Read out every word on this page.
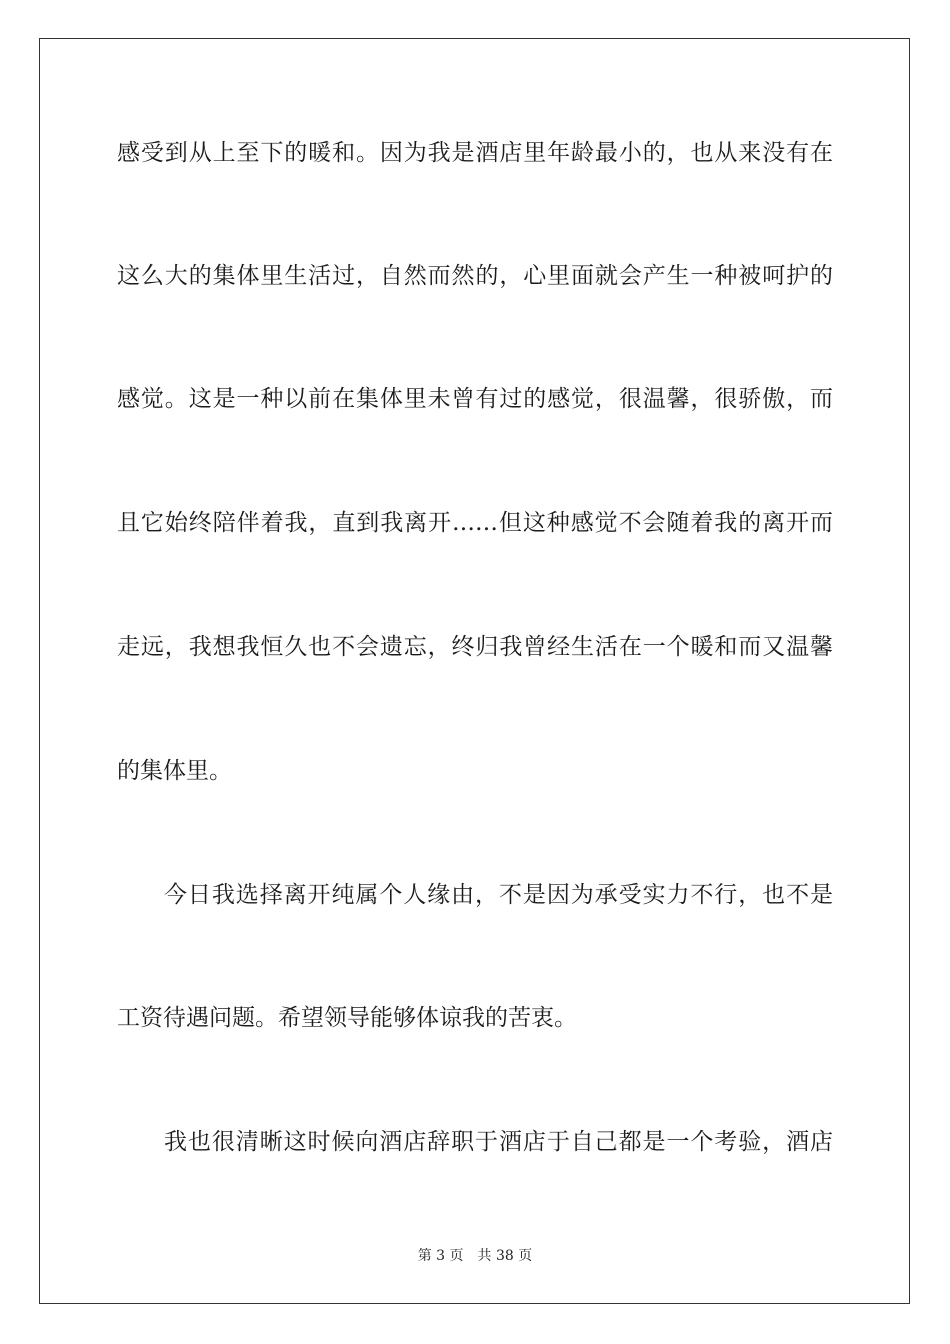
感受到从上至下的暖和。因为我是酒店里年龄最小的，也从来没有在
这么大的集体里生活过，自然而然的，心里面就会产生一种被呵护的
感觉。这是一种以前在集体里未曾有过的感觉，很温馨，很骄傲，而
且它始终陪伴着我，直到我离开……但这种感觉不会随着我的离开而
走远，我想我恒久也不会遗忘，终归我曾经生活在一个暖和而又温馨
的集体里。
今日我选择离开纯属个人缘由，不是因为承受实力不行，也不是
工资待遇问题。希望领导能够体谅我的苦衷。
我也很清晰这时候向酒店辞职于酒店于自己都是一个考验，酒店
第 3 页 共 38 页
